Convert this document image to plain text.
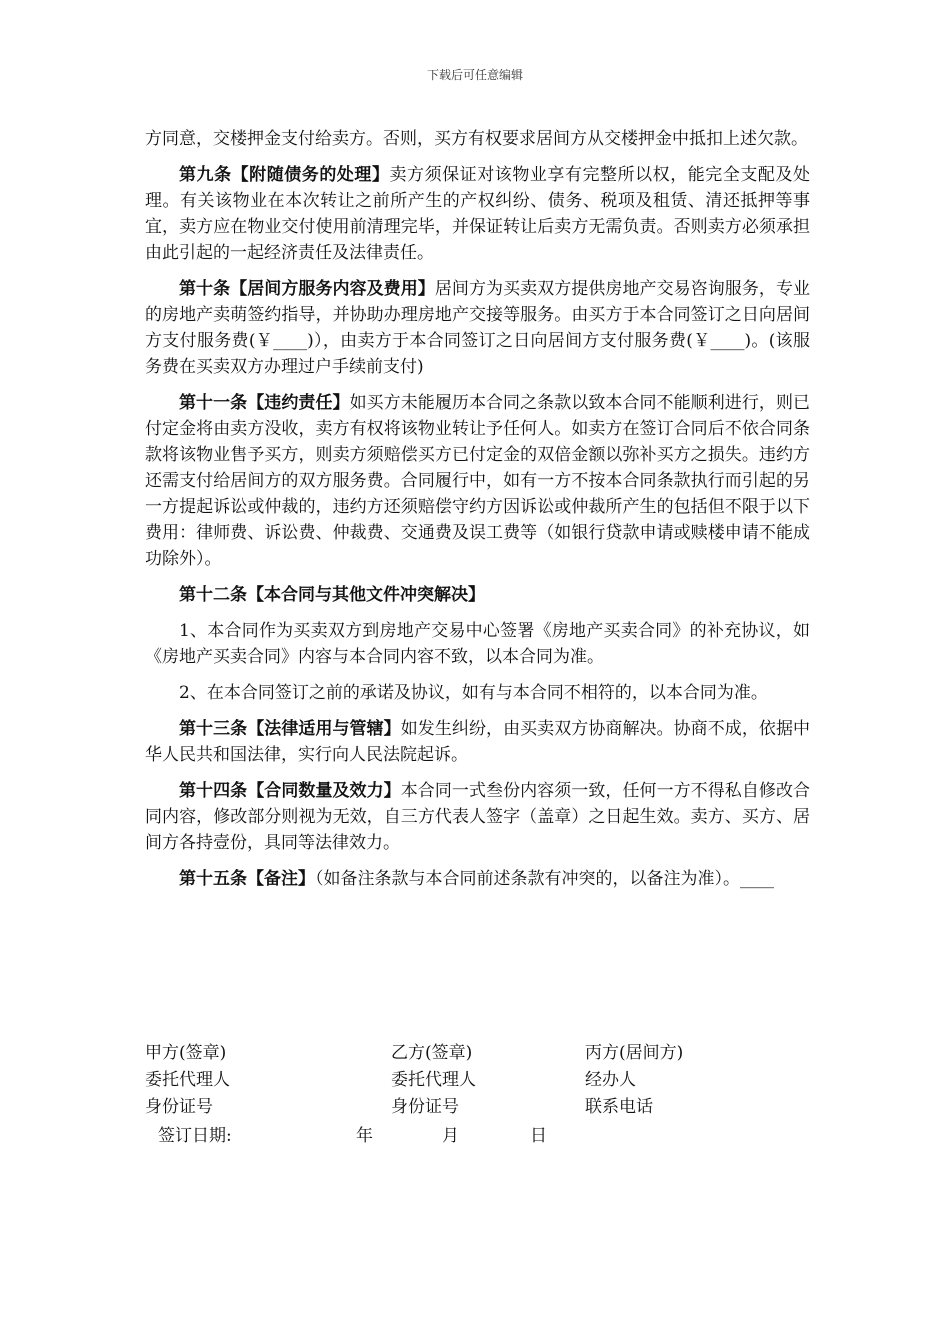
下载后可任意编辑

方同意，交楼押金支付给卖方。否则，买方有权要求居间方从交楼押金中抵扣上述欠款。

第九条【附随债务的处理】卖方须保证对该物业享有完整所以权，能完全支配及处理。有关该物业在本次转让之前所产生的产权纠纷、债务、税项及租赁、清还抵押等事宜，卖方应在物业交付使用前清理完毕，并保证转让后卖方无需负责。否则卖方必须承担由此引起的一起经济责任及法律责任。

第十条【居间方服务内容及费用】居间方为买卖双方提供房地产交易咨询服务，专业的房地产卖萌签约指导，并协助办理房地产交接等服务。由买方于本合同签订之日向居间方支付服务费(￥____)），由卖方于本合同签订之日向居间方支付服务费(￥____)。(该服务费在买卖双方办理过户手续前支付)

第十一条【违约责任】如买方未能履历本合同之条款以致本合同不能顺利进行，则已付定金将由卖方没收，卖方有权将该物业转让予任何人。如卖方在签订合同后不依合同条款将该物业售予买方，则卖方须赔偿买方已付定金的双倍金额以弥补买方之损失。违约方还需支付给居间方的双方服务费。合同履行中，如有一方不按本合同条款执行而引起的另一方提起诉讼或仲裁的，违约方还须赔偿守约方因诉讼或仲裁所产生的包括但不限于以下费用：律师费、诉讼费、仲裁费、交通费及误工费等（如银行贷款申请或赎楼申请不能成功除外）。

第十二条【本合同与其他文件冲突解决】

1、本合同作为买卖双方到房地产交易中心签署《房地产买卖合同》的补充协议，如《房地产买卖合同》内容与本合同内容不致，以本合同为准。

2、在本合同签订之前的承诺及协议，如有与本合同不相符的，以本合同为准。

第十三条【法律适用与管辖】如发生纠纷，由买卖双方协商解决。协商不成，依据中华人民共和国法律，实行向人民法院起诉。

第十四条【合同数量及效力】本合同一式叁份内容须一致，任何一方不得私自修改合同内容，修改部分则视为无效，自三方代表人签字（盖章）之日起生效。卖方、买方、居间方各持壹份，具同等法律效力。

第十五条【备注】（如备注条款与本合同前述条款有冲突的，以备注为准）。____

甲方(签章)	乙方(签章)	丙方(居间方)
委托代理人	委托代理人	经办人
身份证号	身份证号	联系电话
签订日期:	年	月	日
